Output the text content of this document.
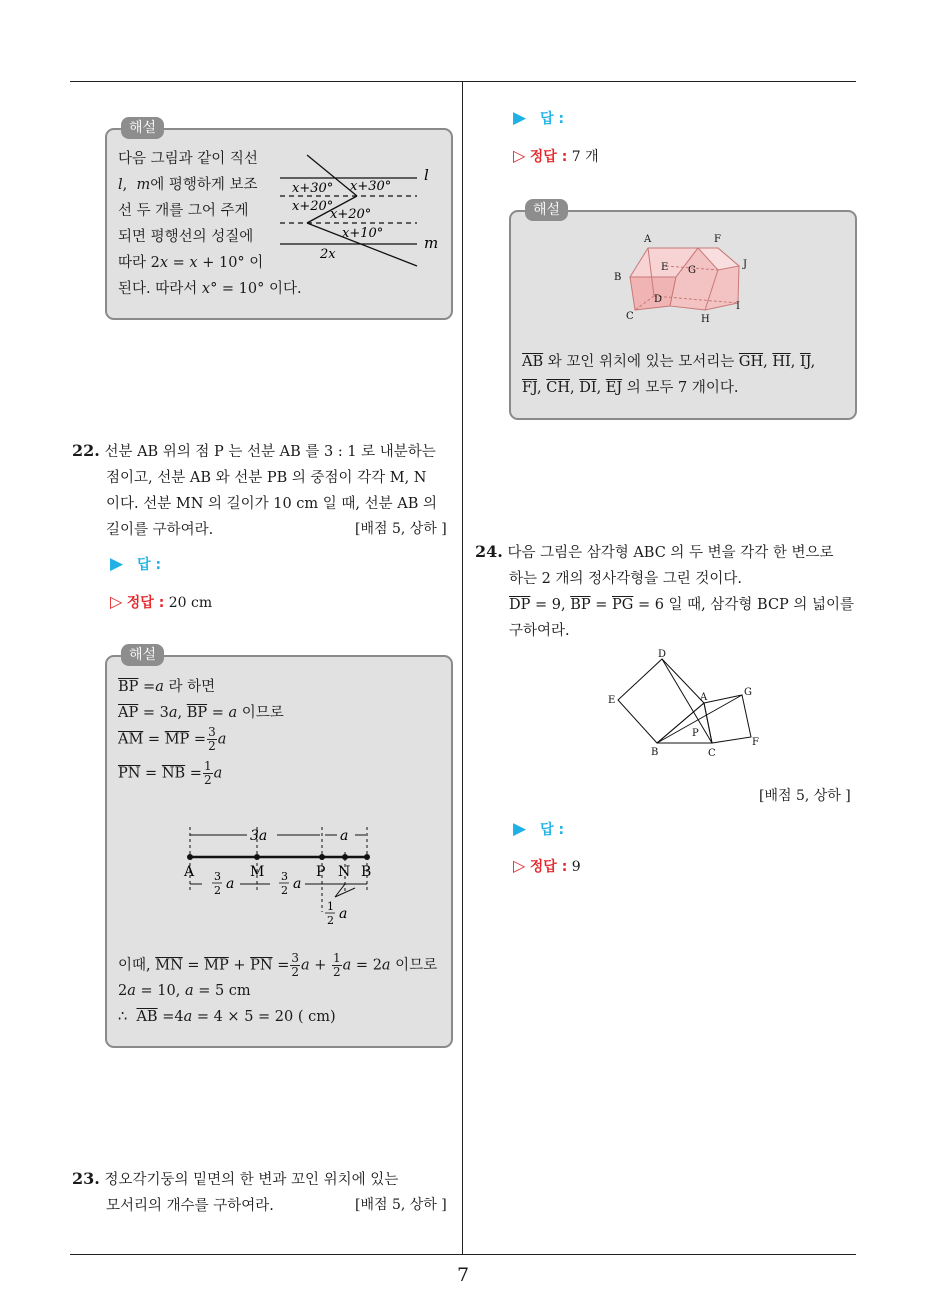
해설
다음 그림과 같이 직선
l,  m에 평행하게 보조
선 두 개를 그어 주게
되면 평행선의 성질에
따라 2x = x + 10° 이
된다. 따라서 x° = 10° 이다.
l
m
x+30° x+30°
x+20°
x+20°
x+10°
2x
22. 선분 AB 위의 점 P 는 선분 AB 를 3 : 1 로 내분하는
점이고, 선분 AB 와 선분 PB 의 중점이 각각 M, N
이다. 선분 MN 의 길이가 10 cm 일 때, 선분 AB 의
길이를 구하여라.	[배점 5, 상하 ]
▶ 답 :
▷ 정답 : 20 cm
해설
$\overline{BP} =a$ 라 하면
$\overline{AP} = 3a$, $\overline{BP} = a$ 이므로
$\overline{AM} = \overline{MP} = \frac{3}{2}$ a
$\overline{PN} = \overline{NB} = \frac{1}{2}$ a
3a	a
A	M	P N B
3
2 a	3
2 a
1
2 a
이때, $\overline{MN} = \overline{MP} + \overline{PN} = \frac{3}{2}$ $a + \frac{1}{2}$ a = 2a 이므로
2a = 10, a = 5 cm
∴  $\overline{AB} =4a = 4 \times 5 = 20$ ( cm)
23. 정오각기둥의 밑면의 한 변과 꼬인 위치에 있는
모서리의 개수를 구하여라.	[배점 5, 상하 ]
▶ 답 :
▷ 정답 : 7 개
해설
A	F
B
E G
J
D
I
C	H
$\overline{AB}$ 와 꼬인 위치에 있는 모서리는 $\overline{GH}$, $\overline{HI}$, $\overline{IJ}$,
$\overline{FJ}$, $\overline{CH}$, $\overline{DI}$, $\overline{EJ}$ 의 모두 7 개이다.
24. 다음 그림은 삼각형 ABC 의 두 변을 각각 한 변으로
하는 2 개의 정사각형을 그린 것이다.
$\overline{DP} = 9$, $\overline{BP} = \overline{PG} = 6$ 일 때, 삼각형 BCP 의 넓이를
구하여라.
D
E	A	G
P
B	C
F
[배점 5, 상하 ]
▶ 답 :
▷ 정답 : 9
7
